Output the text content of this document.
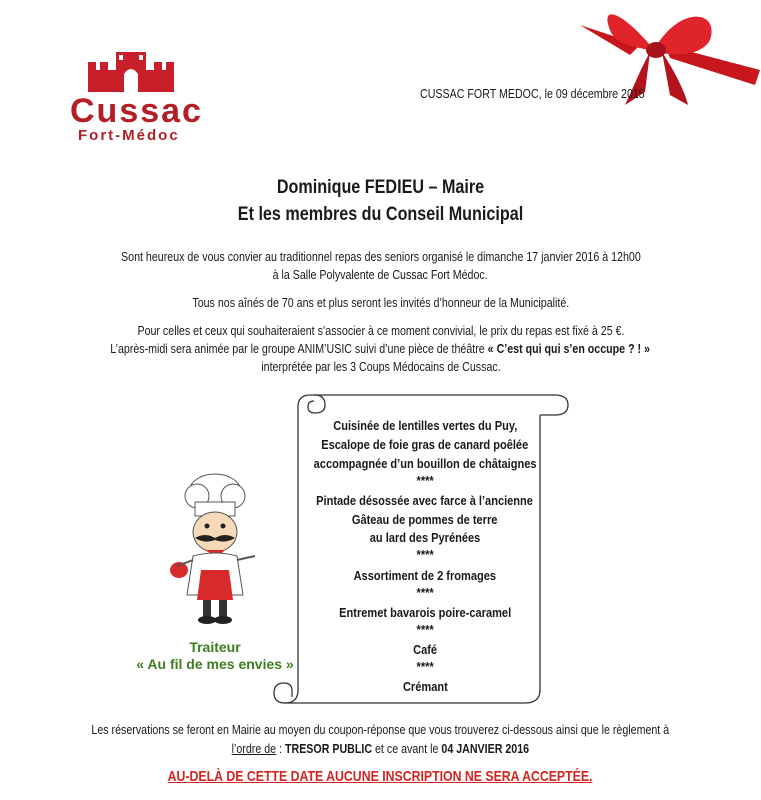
Cussac
Fort-Médoc
CUSSAC FORT MEDOC, le 09 décembre 2015
Dominique FEDIEU – Maire
Et les membres du Conseil Municipal
Sont heureux de vous convier au traditionnel repas des seniors organisé le dimanche 17 janvier 2016 à 12h00
à la Salle Polyvalente de Cussac Fort Médoc.
Tous nos aînés de 70 ans et plus seront les invités d’honneur de la Municipalité.
Pour celles et ceux qui souhaiteraient s’associer à ce moment convivial, le prix du repas est fixé à 25 €.
L’après-midi sera animée par le groupe ANIM’USIC suivi d’une pièce de théâtre « C’est qui qui s’en occupe ? ! »
interprétée par les 3 Coups Médocains de Cussac.
Cuisinée de lentilles vertes du Puy,
Escalope de foie gras de canard poêlée
accompagnée d’un bouillon de châtaignes
****
Pintade désossée avec farce à l’ancienne
Gâteau de pommes de terre
au lard des Pyrénées
****
Assortiment de 2 fromages
****
Entremet bavarois poire-caramel
****
Café
****
Crémant
Traiteur
« Au fil de mes envies »
Les réservations se feront en Mairie au moyen du coupon-réponse que vous trouverez ci-dessous ainsi que le règlement à
l’ordre de : TRESOR PUBLIC et ce avant le 04 JANVIER 2016
AU-DELÀ DE CETTE DATE AUCUNE INSCRIPTION NE SERA ACCEPTÉE.
